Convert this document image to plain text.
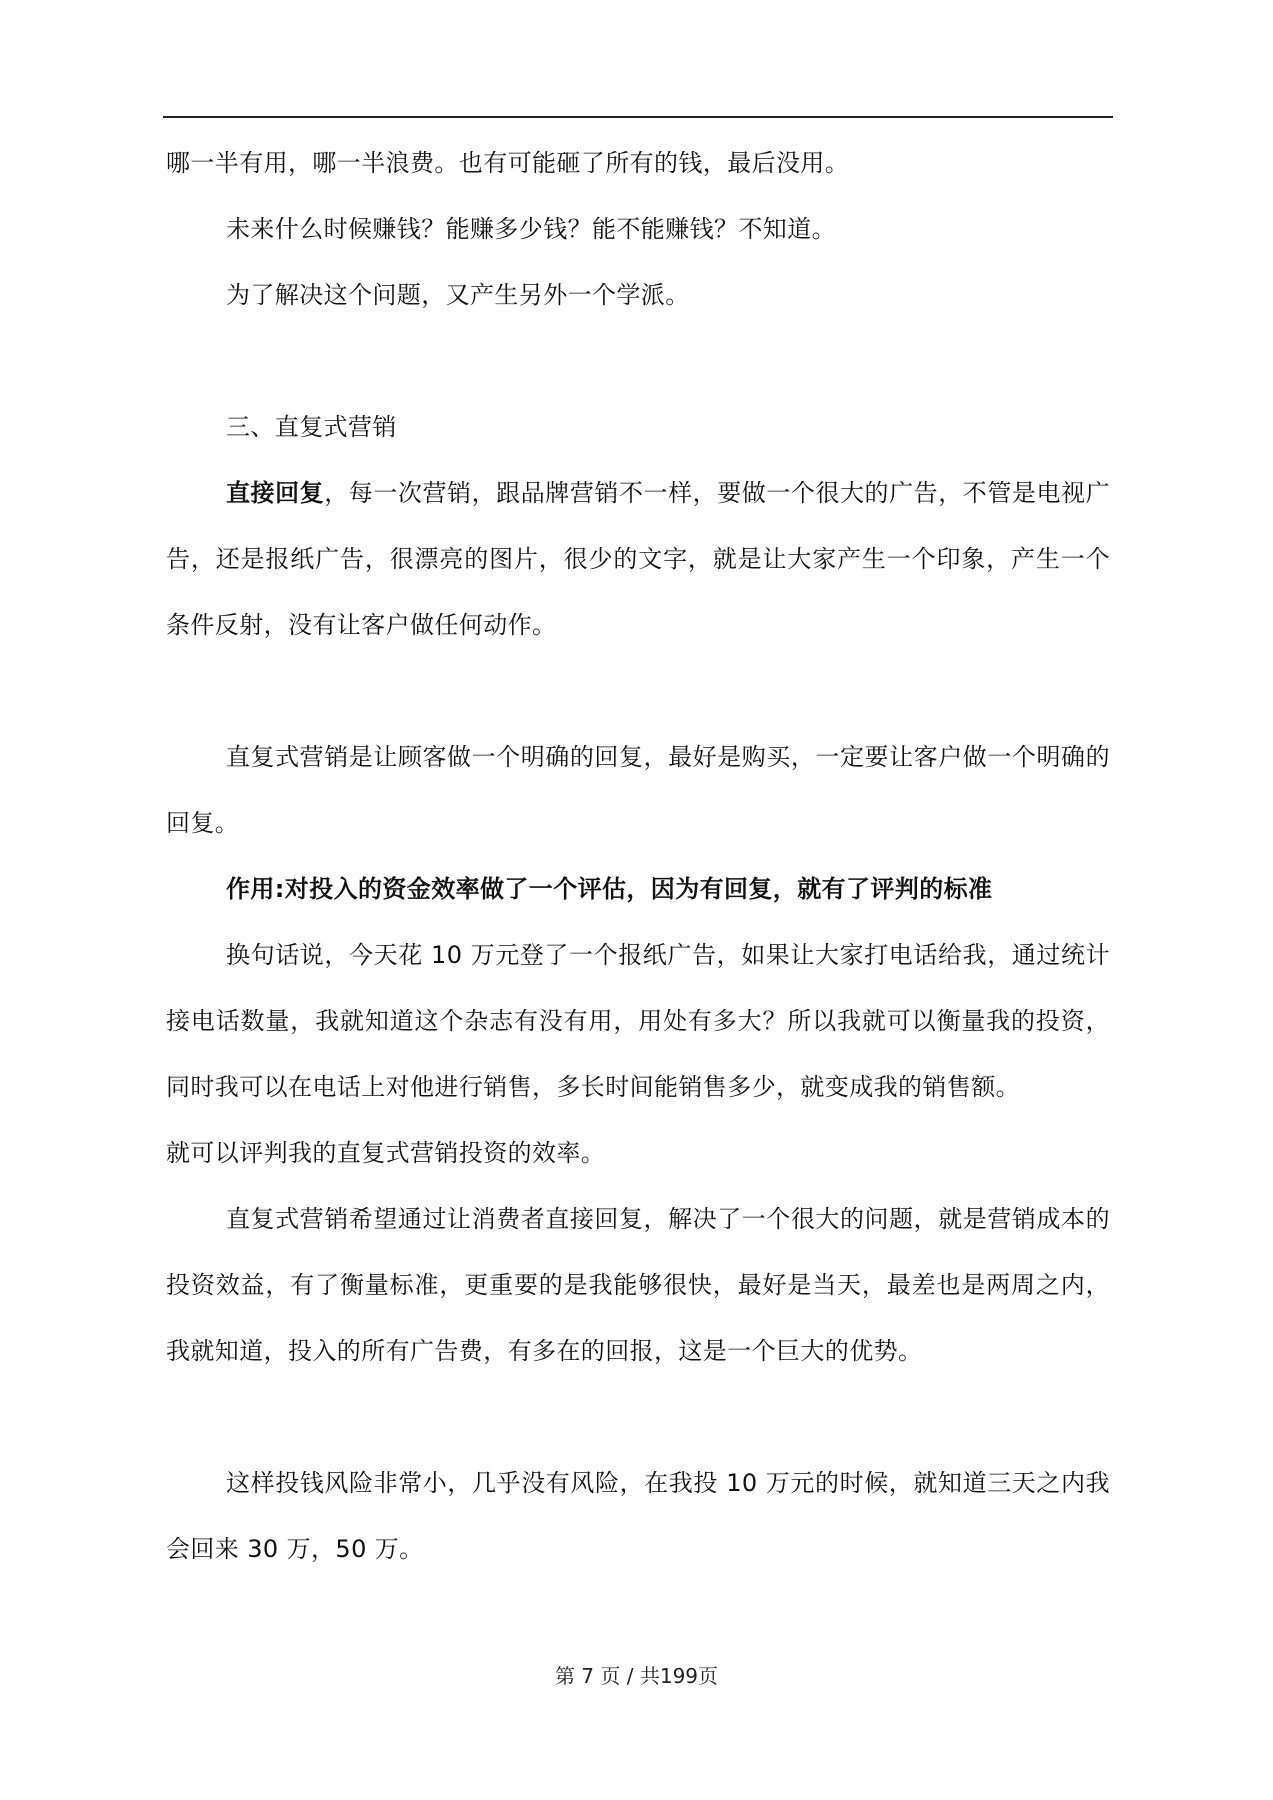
哪一半有用，哪一半浪费。也有可能砸了所有的钱，最后没用。

未来什么时候赚钱？能赚多少钱？能不能赚钱？不知道。

为了解决这个问题，又产生另外一个学派。

三、直复式营销

直接回复，每一次营销，跟品牌营销不一样，要做一个很大的广告，不管是电视广告，还是报纸广告，很漂亮的图片，很少的文字，就是让大家产生一个印象，产生一个条件反射，没有让客户做任何动作。

直复式营销是让顾客做一个明确的回复，最好是购买，一定要让客户做一个明确的回复。

作用:对投入的资金效率做了一个评估，因为有回复，就有了评判的标准

换句话说，今天花 10 万元登了一个报纸广告，如果让大家打电话给我，通过统计接电话数量，我就知道这个杂志有没有用，用处有多大？所以我就可以衡量我的投资，同时我可以在电话上对他进行销售，多长时间能销售多少，就变成我的销售额。

就可以评判我的直复式营销投资的效率。

直复式营销希望通过让消费者直接回复，解决了一个很大的问题，就是营销成本的投资效益，有了衡量标准，更重要的是我能够很快，最好是当天，最差也是两周之内，我就知道，投入的所有广告费，有多在的回报，这是一个巨大的优势。

这样投钱风险非常小，几乎没有风险，在我投 10 万元的时候，就知道三天之内我会回来 30 万，50 万。

第 7 页 / 共199页
